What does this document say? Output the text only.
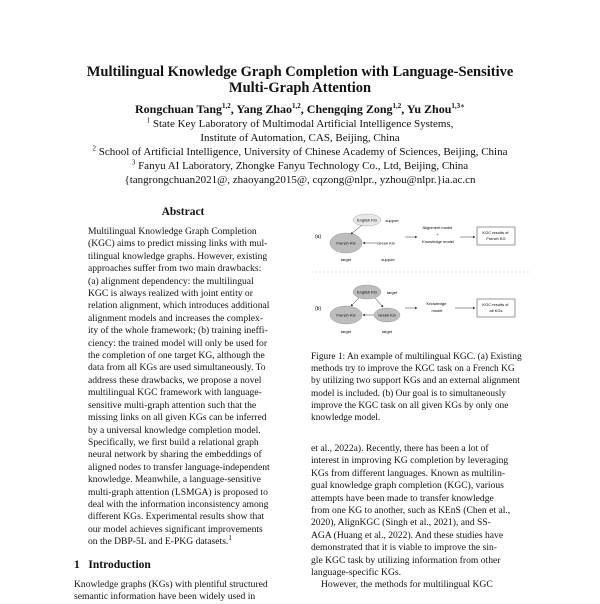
Multilingual Knowledge Graph Completion with Language-Sensitive
Multi-Graph Attention
Rongchuan Tang$^{1,2}$, Yang Zhao$^{1,2}$, Chengqing Zong$^{1,2}$, Yu Zhou$^{1,3∗}$
$^1$ State Key Laboratory of Multimodal Artificial Intelligence Systems,
Institute of Automation, CAS, Beijing, China
$^2$ School of Artificial Intelligence, University of Chinese Academy of Sciences, Beijing, China
$^3$ Fanyu AI Laboratory, Zhongke Fanyu Technology Co., Ltd, Beijing, China
{tangrongchuan2021@, zhaoyang2015@, cqzong@nlpr., yzhou@nlpr.}ia.ac.cn
Abstract
Multilingual Knowledge Graph Completion
(KGC) aims to predict missing links with mul-
tilingual knowledge graphs. However, existing
approaches suffer from two main drawbacks:
(a) alignment dependency: the multilingual
KGC is always realized with joint entity or
relation alignment, which introduces additional
alignment models and increases the complex-
ity of the whole framework; (b) training ineffi-
ciency: the trained model will only be used for
the completion of one target KG, although the
data from all KGs are used simultaneously. To
address these drawbacks, we propose a novel
multilingual KGC framework with language-
sensitive multi-graph attention such that the
missing links on all given KGs can be inferred
by a universal knowledge completion model.
Specifically, we first build a relational graph
neural network by sharing the embeddings of
aligned nodes to transfer language-independent
knowledge. Meanwhile, a language-sensitive
multi-graph attention (LSMGA) is proposed to
deal with the information inconsistency among
different KGs. Experimental results show that
our model achieves significant improvements
on the DBP-5L and E-PKG datasets.$^1$
1 Introduction
Knowledge graphs (KGs) with plentiful structured
semantic information have been widely used in
(a)
English KG support
French KG	Greek KG
target	support
Alignment model + Knowledge model
KGC results of French KG
(b)
English KG target
French KG	Greek KG
target	target
Knowledge model
KGC results of all KGs
Figure 1: An example of multilingual KGC. (a) Existing
methods try to improve the KGC task on a French KG
by utilizing two support KGs and an external alignment
model is included. (b) Our goal is to simultaneously
improve the KGC task on all given KGs by only one
knowledge model.
et al., 2022a). Recently, there has been a lot of
interest in improving KG completion by leveraging
KGs from different languages. Known as multilin-
gual knowledge graph completion (KGC), various
attempts have been made to transfer knowledge
from one KG to another, such as KEnS (Chen et al.,
2020), AlignKGC (Singh et al., 2021), and SS-
AGA (Huang et al., 2022). And these studies have
demonstrated that it is viable to improve the sin-
gle KGC task by utilizing information from other
language-specific KGs.
However, the methods for multilingual KGC
